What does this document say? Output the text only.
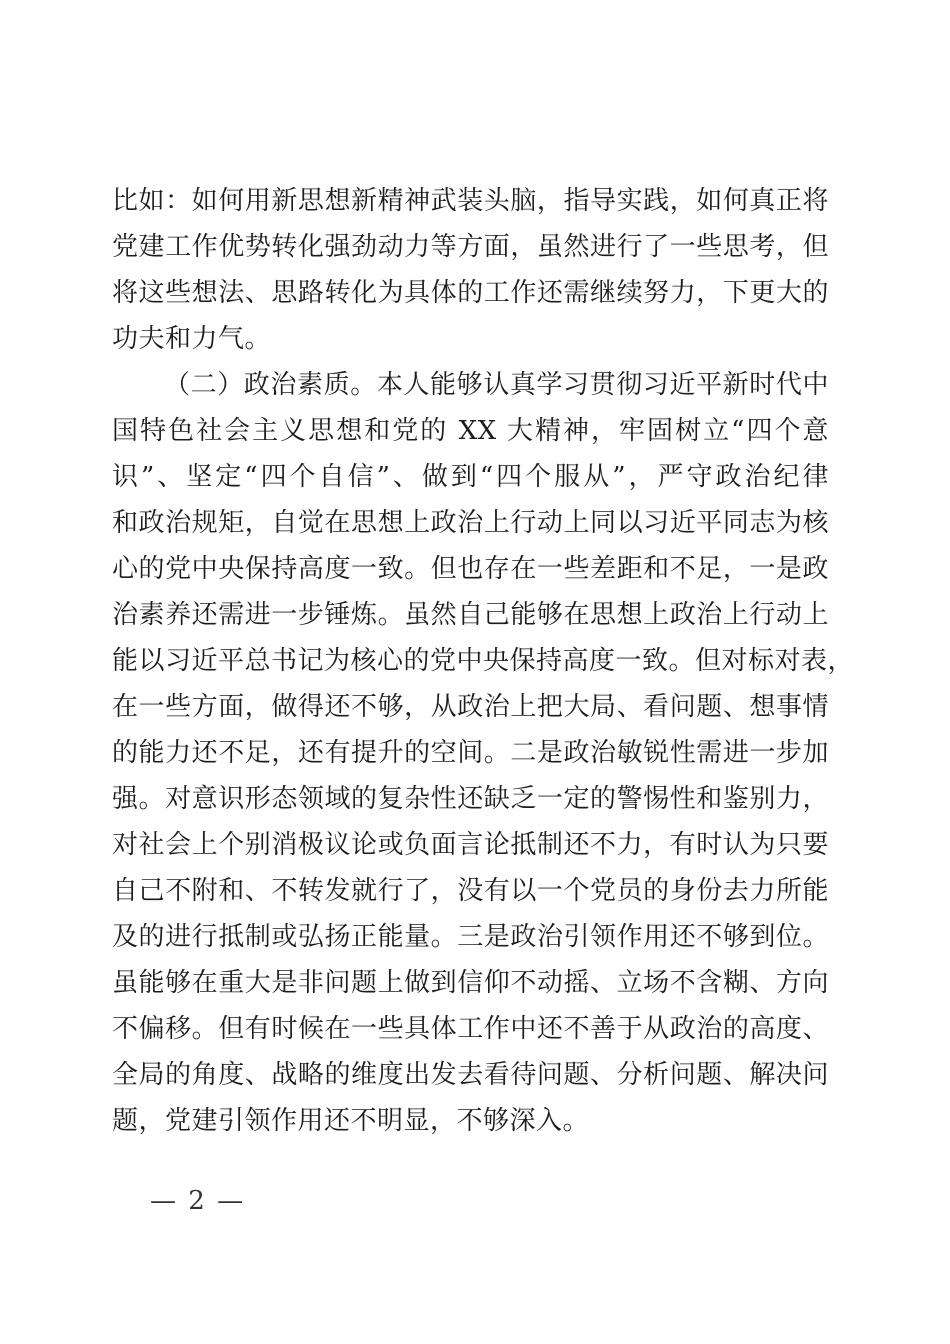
比如：如何用新思想新精神武装头脑，指导实践，如何真正将
党建工作优势转化强劲动力等方面，虽然进行了一些思考，但
将这些想法、思路转化为具体的工作还需继续努力，下更大的
功夫和力气。
（二）政治素质。本人能够认真学习贯彻习近平新时代中
国特色社会主义思想和党的 XX 大精神，牢固树立“四个意
识”、坚定“四个自信”、做到“四个服从”，严守政治纪律
和政治规矩，自觉在思想上政治上行动上同以习近平同志为核
心的党中央保持高度一致。但也存在一些差距和不足，一是政
治素养还需进一步锤炼。虽然自己能够在思想上政治上行动上
能以习近平总书记为核心的党中央保持高度一致。但对标对表，
在一些方面，做得还不够，从政治上把大局、看问题、想事情
的能力还不足，还有提升的空间。二是政治敏锐性需进一步加
强。对意识形态领域的复杂性还缺乏一定的警惕性和鉴别力，
对社会上个别消极议论或负面言论抵制还不力，有时认为只要
自己不附和、不转发就行了，没有以一个党员的身份去力所能
及的进行抵制或弘扬正能量。三是政治引领作用还不够到位。
虽能够在重大是非问题上做到信仰不动摇、立场不含糊、方向
不偏移。但有时候在一些具体工作中还不善于从政治的高度、
全局的角度、战略的维度出发去看待问题、分析问题、解决问
题，党建引领作用还不明显，不够深入。
— 2 —
